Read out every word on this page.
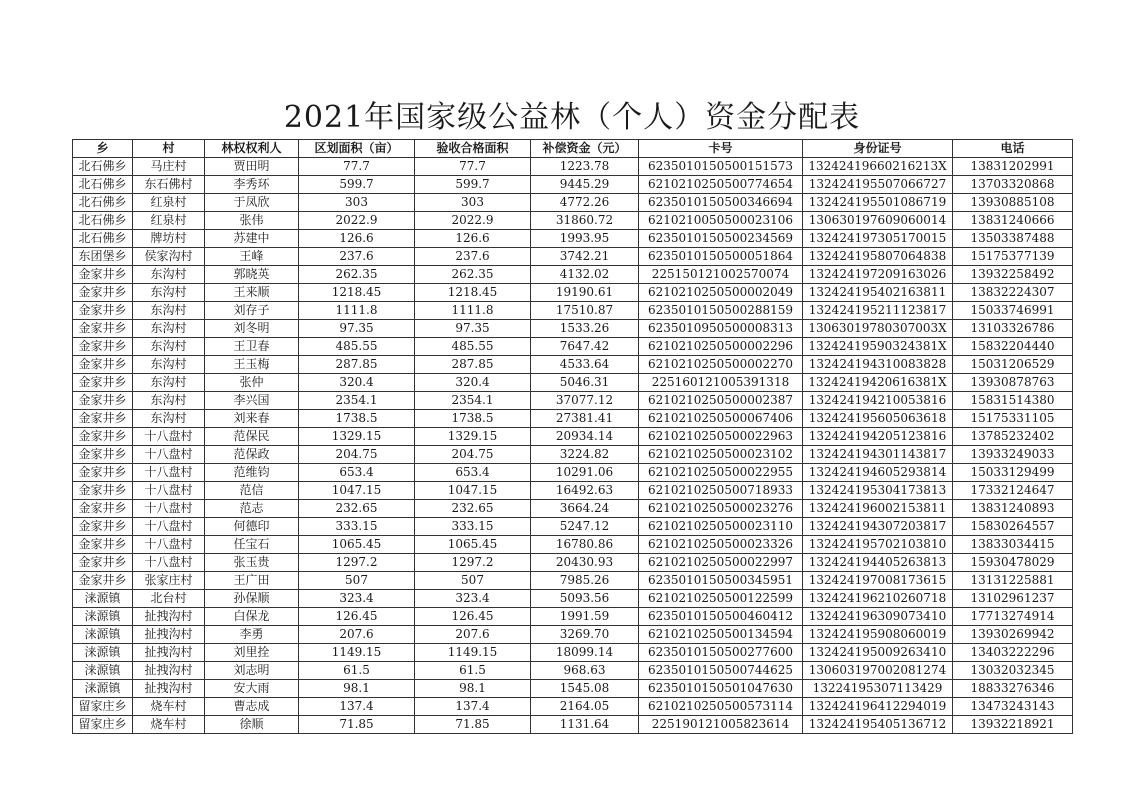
2021年国家级公益林（个人）资金分配表
乡	村	林权权利人	区划面积（亩）	验收合格面积	补偿资金（元）	卡号	身份证号	电话
北石佛乡	马庄村	贾田明	77.7	77.7	1223.78	6235010150500151573	132424196602162​13X	13831202991
北石佛乡	东石佛村	李秀环	599.7	599.7	9445.29	6210210250500774654	132424195507066727	13703320868
北石佛乡	红泉村	于凤欣	303	303	4772.26	6235010150500346694	132424195501086719	13930885108
北石佛乡	红泉村	张伟	2022.9	2022.9	31860.72	6210210050500023106	130630197609060014	13831240666
北石佛乡	牌坊村	苏建中	126.6	126.6	1993.95	6235010150500234569	132424197305170015	13503387488
东团堡乡	侯家沟村	王峰	237.6	237.6	3742.21	6235010150500051864	132424195807064838	15175377139
金家井乡	东沟村	郭晓英	262.35	262.35	4132.02	225150121002570074	132424197209163026	13932258492
金家井乡	东沟村	王来顺	1218.45	1218.45	19190.61	6210210250500002049	132424195402163811	13832224307
金家井乡	东沟村	刘存子	1111.8	1111.8	17510.87	6235010150500288159	132424195211123817	15033746991
金家井乡	东沟村	刘冬明	97.35	97.35	1533.26	6235010950500008313	13063019780307003X	13103326786
金家井乡	东沟村	王卫春	485.55	485.55	7647.42	6210210250500002296	13242419590324381X	15832204440
金家井乡	东沟村	王玉梅	287.85	287.85	4533.64	6210210250500002270	132424194310083828	15031206529
金家井乡	东沟村	张仲	320.4	320.4	5046.31	225160121005391318	13242419420616381X	13930878763
金家井乡	东沟村	李兴国	2354.1	2354.1	37077.12	6210210250500002387	132424194210053816	15831514380
金家井乡	东沟村	刘来春	1738.5	1738.5	27381.41	6210210250500067406	132424195605063618	15175331105
金家井乡	十八盘村	范保民	1329.15	1329.15	20934.14	6210210250500022963	132424194205123816	13785232402
金家井乡	十八盘村	范保政	204.75	204.75	3224.82	6210210250500023102	132424194301143817	13933249033
金家井乡	十八盘村	范维钧	653.4	653.4	10291.06	6210210250500022955	132424194605293814	15033129499
金家井乡	十八盘村	范信	1047.15	1047.15	16492.63	6210210250500718933	132424195304173813	17332124647
金家井乡	十八盘村	范志	232.65	232.65	3664.24	6210210250500023276	132424196002153811	13831240893
金家井乡	十八盘村	何德印	333.15	333.15	5247.12	6210210250500023110	132424194307203817	15830264557
金家井乡	十八盘村	任宝石	1065.45	1065.45	16780.86	6210210250500023326	132424195702103810	13833034415
金家井乡	十八盘村	张玉贵	1297.2	1297.2	20430.93	6210210250500022997	132424194405263813	15930478029
金家井乡	张家庄村	王广田	507	507	7985.26	6235010150500345951	132424197008173615	13131225881
涞源镇	北台村	孙保顺	323.4	323.4	5093.56	6210210250500122599	132424196210260718	13102961237
涞源镇	扯拽沟村	白保龙	126.45	126.45	1991.59	6235010150500460412	132424196309073410	17713274914
涞源镇	扯拽沟村	李勇	207.6	207.6	3269.70	6210210250500134594	132424195908060019	13930269942
涞源镇	扯拽沟村	刘里拴	1149.15	1149.15	18099.14	6235010150500277600	132424195009263410	13403222296
涞源镇	扯拽沟村	刘志明	61.5	61.5	968.63	6235010150500744625	130603197002081274	13032032345
涞源镇	扯拽沟村	安大雨	98.1	98.1	1545.08	6235010150501047630	13224195307113429	18833276346
留家庄乡	烧车村	曹志成	137.4	137.4	2164.05	6210210250500573114	132424196412294019	13473243143
留家庄乡	烧车村	徐顺	71.85	71.85	1131.64	225190121005823614	132424195405136712	13932218921
